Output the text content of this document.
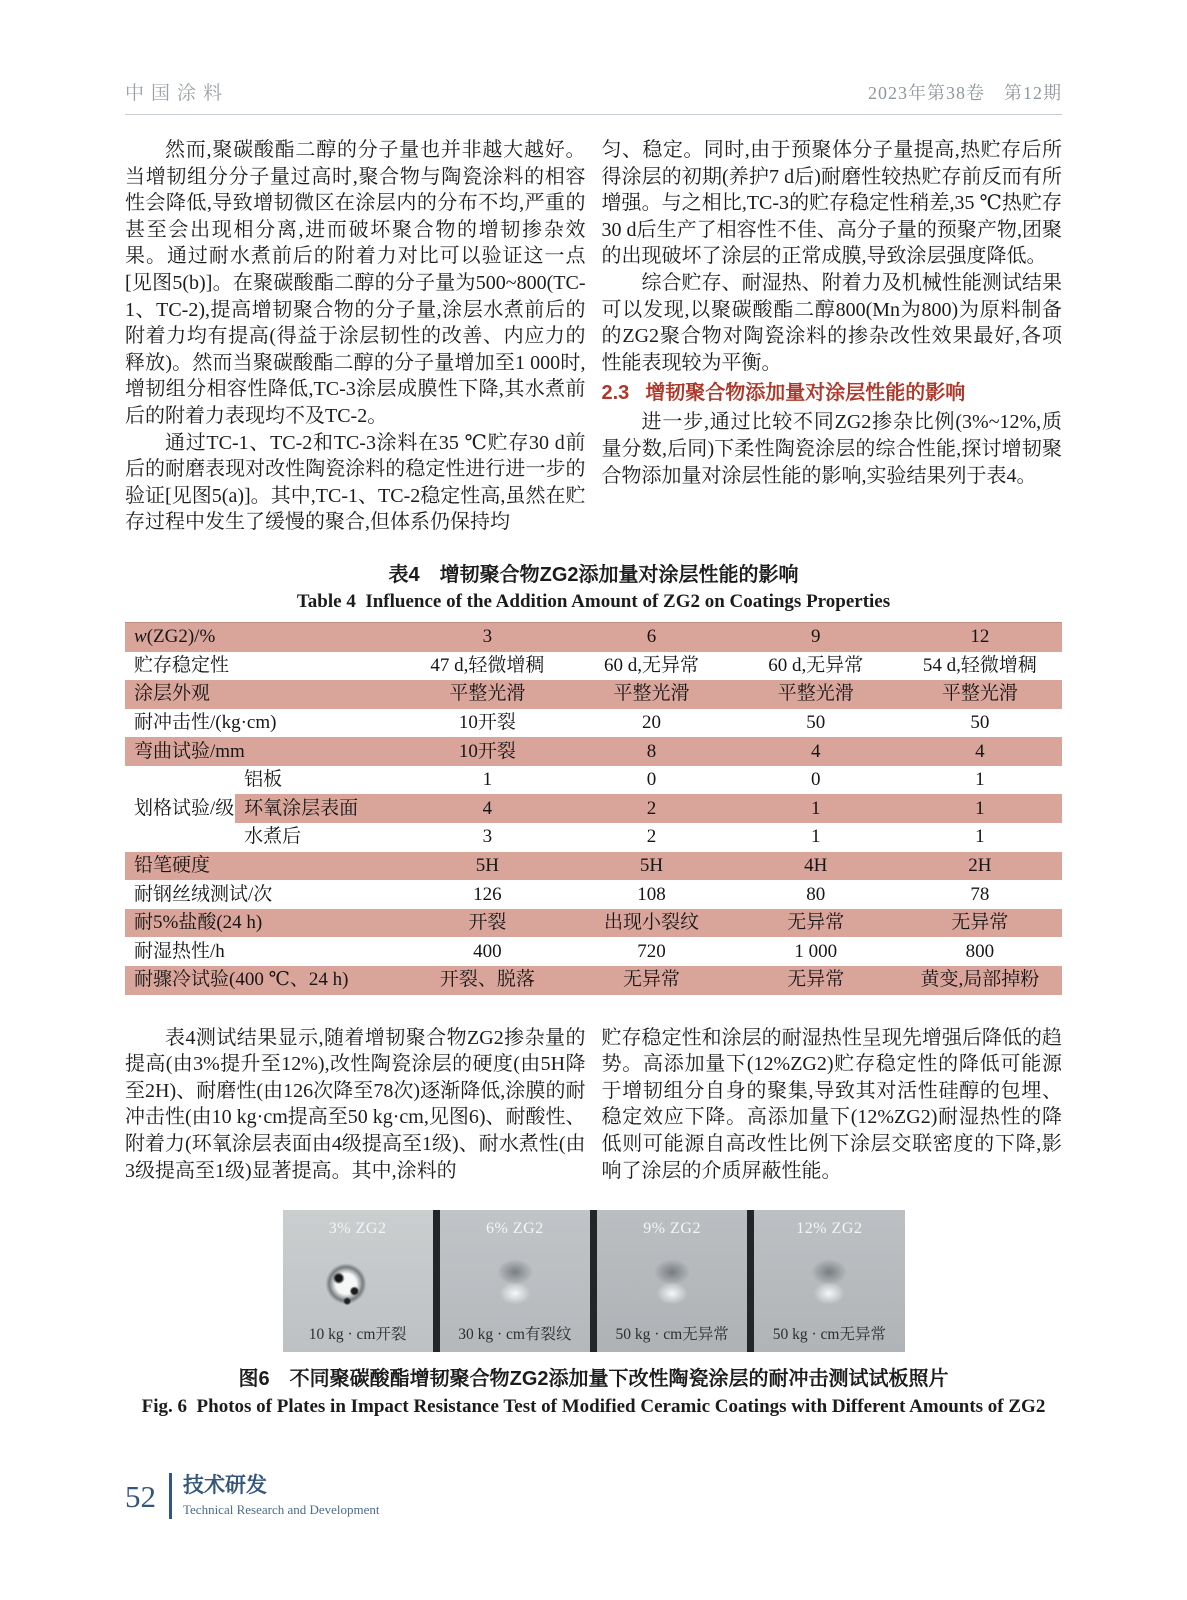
中国涂料	2023年第38卷　第12期

然而,聚碳酸酯二醇的分子量也并非越大越好。当增韧组分分子量过高时,聚合物与陶瓷涂料的相容性会降低,导致增韧微区在涂层内的分布不均,严重的甚至会出现相分离,进而破坏聚合物的增韧掺杂效果。通过耐水煮前后的附着力对比可以验证这一点[见图5(b)]。在聚碳酸酯二醇的分子量为500~800(TC-1、TC-2),提高增韧聚合物的分子量,涂层水煮前后的附着力均有提高(得益于涂层韧性的改善、内应力的释放)。然而当聚碳酸酯二醇的分子量增加至1 000时,增韧组分相容性降低,TC-3涂层成膜性下降,其水煮前后的附着力表现均不及TC-2。

通过TC-1、TC-2和TC-3涂料在35 ℃贮存30 d前后的耐磨表现对改性陶瓷涂料的稳定性进行进一步的验证[见图5(a)]。其中,TC-1、TC-2稳定性高,虽然在贮存过程中发生了缓慢的聚合,但体系仍保持均

匀、稳定。同时,由于预聚体分子量提高,热贮存后所得涂层的初期(养护7 d后)耐磨性较热贮存前反而有所增强。与之相比,TC-3的贮存稳定性稍差,35 ℃热贮存30 d后生产了相容性不佳、高分子量的预聚产物,团聚的出现破坏了涂层的正常成膜,导致涂层强度降低。

综合贮存、耐湿热、附着力及机械性能测试结果可以发现,以聚碳酸酯二醇800(Mn为800)为原料制备的ZG2聚合物对陶瓷涂料的掺杂改性效果最好,各项性能表现较为平衡。

2.3 增韧聚合物添加量对涂层性能的影响

进一步,通过比较不同ZG2掺杂比例(3%~12%,质量分数,后同)下柔性陶瓷涂层的综合性能,探讨增韧聚合物添加量对涂层性能的影响,实验结果列于表4。

表4　增韧聚合物ZG2添加量对涂层性能的影响
Table 4  Influence of the Addition Amount of ZG2 on Coatings Properties
w(ZG2)/%		3	6	9	12
贮存稳定性		47 d,轻微增稠	60 d,无异常	60 d,无异常	54 d,轻微增稠
涂层外观		平整光滑	平整光滑	平整光滑	平整光滑
耐冲击性/(kg·cm)		10开裂	20	50	50
弯曲试验/mm		10开裂	8	4	4
划格试验/级	铝板	1	0	0	1
	环氧涂层表面	4	2	1	1
	水煮后	3	2	1	1
铅笔硬度		5H	5H	4H	2H
耐钢丝绒测试/次		126	108	80	78
耐5%盐酸(24 h)		开裂	出现小裂纹	无异常	无异常
耐湿热性/h		400	720	1 000	800
耐骤冷试验(400 ℃、24 h)		开裂、脱落	无异常	无异常	黄变,局部掉粉

表4测试结果显示,随着增韧聚合物ZG2掺杂量的提高(由3%提升至12%),改性陶瓷涂层的硬度(由5H降至2H)、耐磨性(由126次降至78次)逐渐降低,涂膜的耐冲击性(由10 kg·cm提高至50 kg·cm,见图6)、耐酸性、附着力(环氧涂层表面由4级提高至1级)、耐水煮性(由3级提高至1级)显著提高。其中,涂料的

贮存稳定性和涂层的耐湿热性呈现先增强后降低的趋势。高添加量下(12%ZG2)贮存稳定性的降低可能源于增韧组分自身的聚集,导致其对活性硅醇的包埋、稳定效应下降。高添加量下(12%ZG2)耐湿热性的降低则可能源自高改性比例下涂层交联密度的下降,影响了涂层的介质屏蔽性能。

3% ZG2
10 kg · cm开裂
6% ZG2
30 kg · cm有裂纹
9% ZG2
50 kg · cm无异常
12% ZG2
50 kg · cm无异常
图6　不同聚碳酸酯增韧聚合物ZG2添加量下改性陶瓷涂层的耐冲击测试试板照片
Fig. 6  Photos of Plates in Impact Resistance Test of Modified Ceramic Coatings with Different Amounts of ZG2
52 技术研发
Technical Research and Development
